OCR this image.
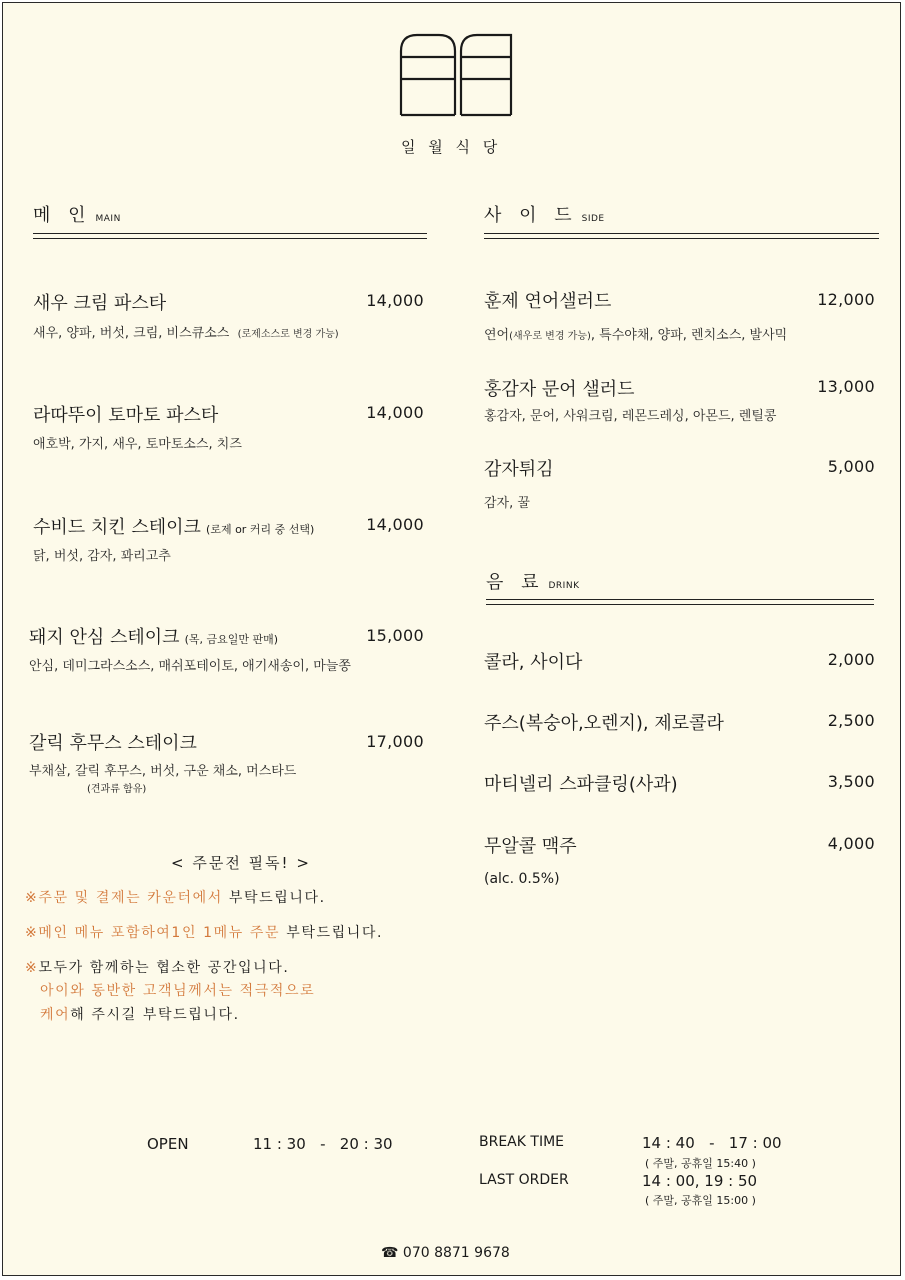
일 월 식 당
메 인 MAIN
새우 크림 파스타	14,000
새우, 양파, 버섯, 크림, 비스큐소스 (로제소스로 변경 가능)
라따뚜이 토마토 파스타	14,000
애호박, 가지, 새우, 토마토소스, 치즈
수비드 치킨 스테이크 (로제 or 커리 중 선택)	14,000
닭, 버섯, 감자, 꽈리고추
돼지 안심 스테이크 (목, 금요일만 판매)	15,000
안심, 데미그라스소스, 매쉬포테이토, 애기새송이, 마늘쫑
갈릭 후무스 스테이크	17,000
부채살, 갈릭 후무스, 버섯, 구운 채소, 머스타드
(견과류 함유)
사 이 드 SIDE
훈제 연어샐러드	12,000
연어(새우로 변경 가능), 특수야채, 양파, 렌치소스, 발사믹
홍감자 문어 샐러드	13,000
홍감자, 문어, 사워크림, 레몬드레싱, 아몬드, 렌틸콩
감자튀김	5,000
감자, 꿀
음 료 DRINK
콜라, 사이다	2,000
주스(복숭아,오렌지), 제로콜라	2,500
마티넬리 스파클링(사과)	3,500
무알콜 맥주	4,000
(alc. 0.5%)
< 주문전 필독! >
※주문 및 결제는 카운터에서 부탁드립니다.
※메인 메뉴 포함하여1인 1메뉴 주문 부탁드립니다.
※모두가 함께하는 협소한 공간입니다.
아이와 동반한 고객님께서는 적극적으로
케어해 주시길 부탁드립니다.
OPEN	11 : 30   -   20 : 30	BREAK TIME	14 : 40   -   17 : 00
( 주말, 공휴일 15:40 )
LAST ORDER	14 : 00, 19 : 50
( 주말, 공휴일 15:00 )
☎ 070 8871 9678
